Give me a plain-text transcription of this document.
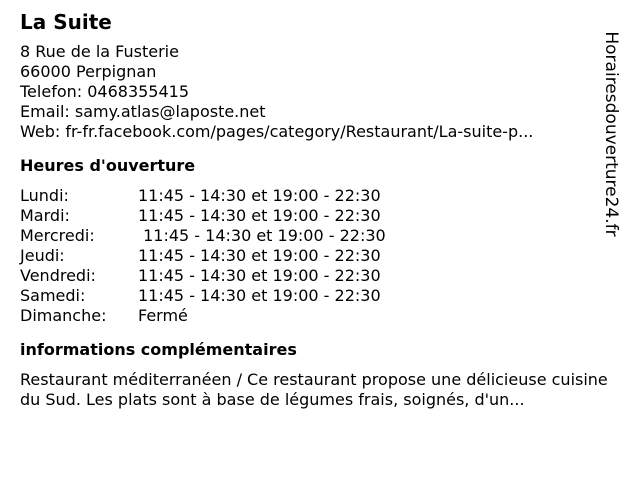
La Suite

8 Rue de la Fusterie

66000 Perpignan

Telefon: 0468355415

Email: samy.atlas@laposte.net

Web: fr-fr.facebook.com/pages/category/Restaurant/La-suite-p...

Heures d'ouverture
Lundi:	11:45 - 14:30 et 19:00 - 22:30
Mardi:	11:45 - 14:30 et 19:00 - 22:30
Mercredi:	11:45 - 14:30 et 19:00 - 22:30
Jeudi:	11:45 - 14:30 et 19:00 - 22:30
Vendredi:	11:45 - 14:30 et 19:00 - 22:30
Samedi:	11:45 - 14:30 et 19:00 - 22:30
Dimanche:	Fermé
informations complémentaires

Restaurant méditerranéen / Ce restaurant propose une délicieuse cuisine du Sud. Les plats sont à base de légumes frais, soignés, d'un...

Horairesdouverture24.fr
